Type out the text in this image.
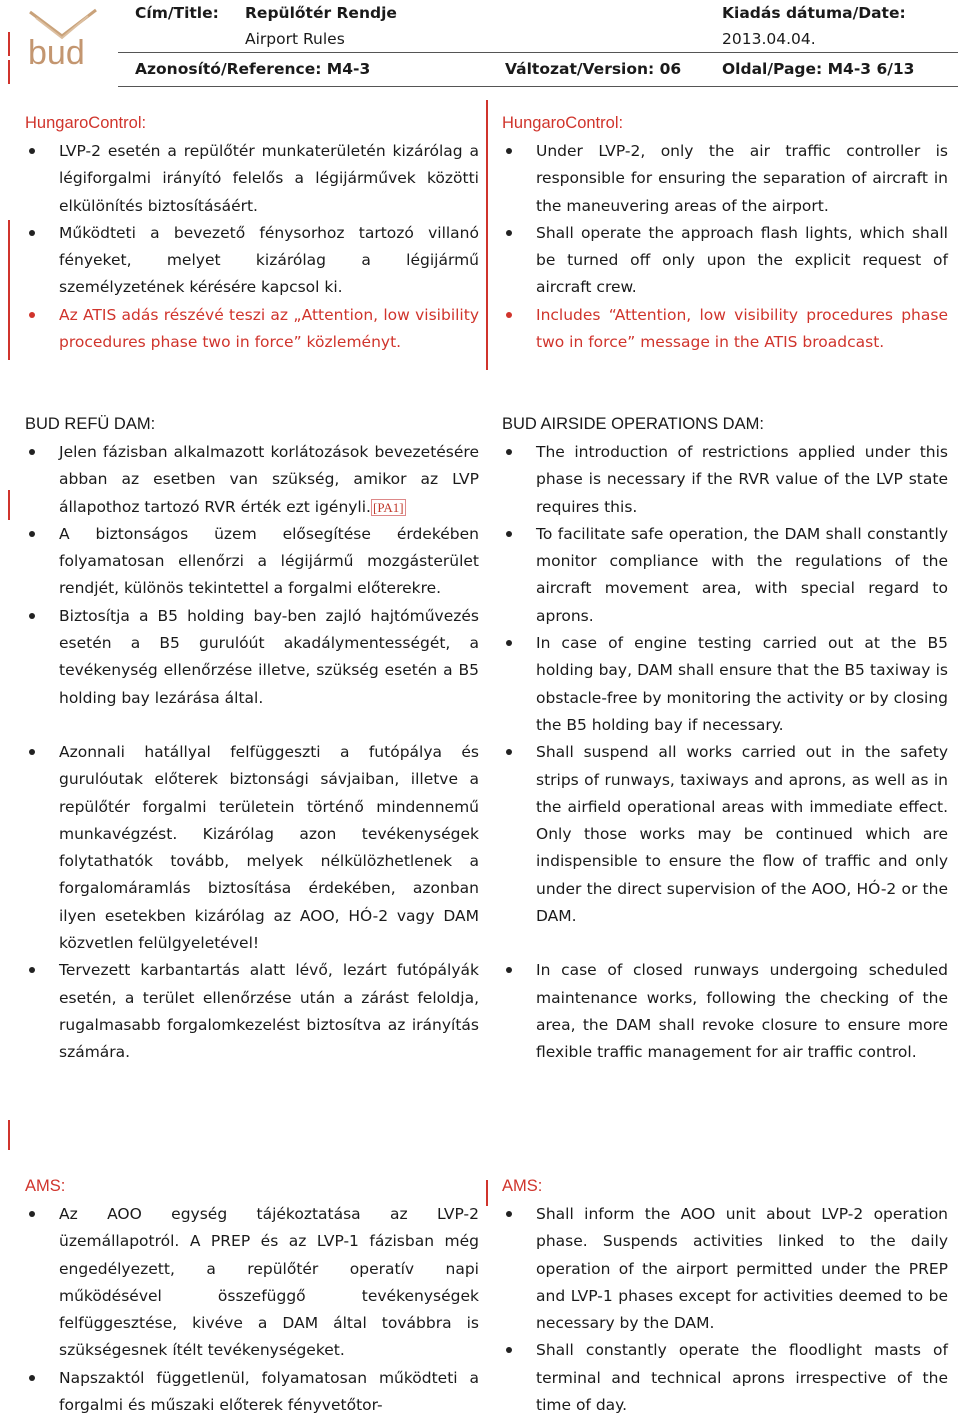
bud
Cím/Title: Repülőtér Rendje
Airport Rules
Kiadás dátuma/Date:
2013.04.04.
Azonosító/Reference: M4-3	Változat/Version: 06	Oldal/Page: M4-3 6/13
HungaroControl:
LVP-2 esetén a repülőtér munkaterületén kizárólag a légiforgalmi irányító felelős a légijárművek közötti elkülönítés biztosításáért.
Működteti a bevezető fénysorhoz tartozó villanó fényeket, melyet kizárólag a légijármű személyzetének kérésére kapcsol ki.
Az ATIS adás részévé teszi az „Attention, low visibility procedures phase two in force” közleményt.
HungaroControl:
Under LVP-2, only the air traffic controller is responsible for ensuring the separation of aircraft in the maneuvering areas of the airport.
Shall operate the approach flash lights, which shall be turned off only upon the explicit request of aircraft crew.
Includes “Attention, low visibility procedures phase two in force” message in the ATIS broadcast.
BUD REFÜ DAM:
Jelen fázisban alkalmazott korlátozások bevezetésére abban az esetben van szükség, amikor az LVP állapothoz tartozó RVR érték ezt igényli. [PA1]
A biztonságos üzem elősegítése érdekében folyamatosan ellenőrzi a légijármű mozgásterület rendjét, különös tekintettel a forgalmi előterekre.
Biztosítja a B5 holding bay-ben zajló hajtóművezés esetén a B5 gurulóút akadálymentességét, a tevékenység ellenőrzése illetve, szükség esetén a B5 holding bay lezárása által.
Azonnali hatállyal felfüggeszti a futópálya és gurulóutak előterek biztonsági sávjaiban, illetve a repülőtér forgalmi területein történő mindennemű munkavégzést. Kizárólag azon tevékenységek folytathatók tovább, melyek nélkülözhetlenek a forgalomáramlás biztosítása érdekében, azonban ilyen esetekben kizárólag az AOO, HÓ-2 vagy DAM közvetlen felülgyeletével!
Tervezett karbantartás alatt lévő, lezárt futópályák esetén, a terület ellenőrzése után a zárást feloldja, rugalmasabb forgalomkezelést biztosítva az irányítás számára.
BUD AIRSIDE OPERATIONS DAM:
The introduction of restrictions applied under this phase is necessary if the RVR value of the LVP state requires this.
To facilitate safe operation, the DAM shall constantly monitor compliance with the regulations of the aircraft movement area, with special regard to aprons.
In case of engine testing carried out at the B5 holding bay, DAM shall ensure that the B5 taxiway is obstacle-free by monitoring the activity or by closing the B5 holding bay if necessary.
Shall suspend all works carried out in the safety strips of runways, taxiways and aprons, as well as in the airfield operational areas with immediate effect. Only those works may be continued which are indispensible to ensure the flow of traffic and only under the direct supervision of the AOO, HÓ-2 or the DAM.
In case of closed runways undergoing scheduled maintenance works, following the checking of the area, the DAM shall revoke closure to ensure more flexible traffic management for air traffic control.
AMS:
Az AOO egység tájékoztatása az LVP-2 üzemállapotról. A PREP és az LVP-1 fázisban még engedélyezett, a repülőtér operatív napi működésével összefüggő tevékenységek felfüggesztése, kivéve a DAM által továbbra is szükségesnek ítélt tevékenységeket.
Napszaktól függetlenül, folyamatosan működteti a forgalmi és műszaki előterek fényvetőtor-
AMS:
Shall inform the AOO unit about LVP-2 operation phase. Suspends activities linked to the daily operation of the airport permitted under the PREP and LVP-1 phases except for activities deemed to be necessary by the DAM.
Shall constantly operate the floodlight masts of terminal and technical aprons irrespective of the time of day.
